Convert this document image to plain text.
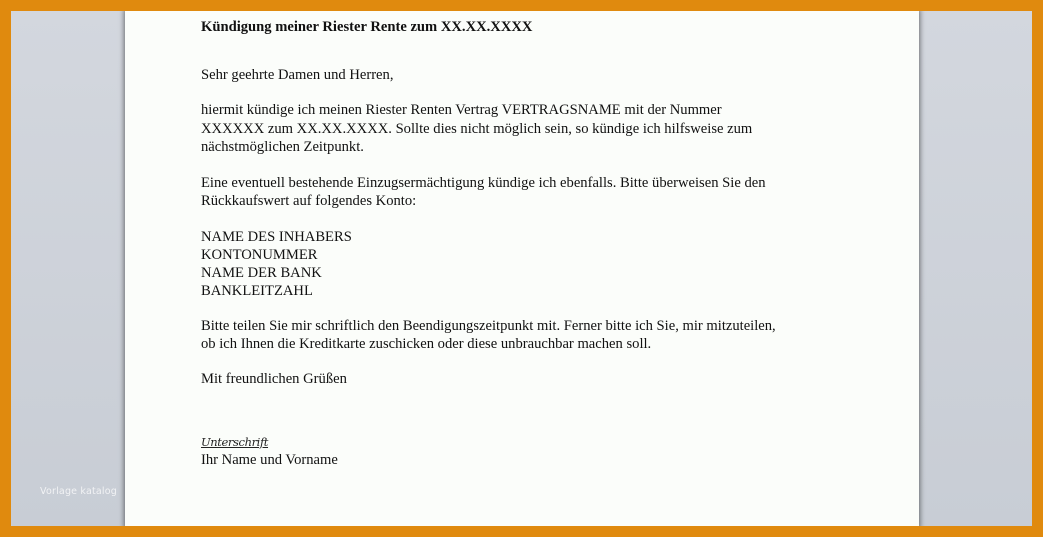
Kündigung meiner Riester Rente zum XX.XX.XXXX
Sehr geehrte Damen und Herren,
hiermit kündige ich meinen Riester Renten Vertrag VERTRAGSNAME mit der Nummer
XXXXXX zum XX.XX.XXXX. Sollte dies nicht möglich sein, so kündige ich hilfsweise zum
nächstmöglichen Zeitpunkt.
Eine eventuell bestehende Einzugsermächtigung kündige ich ebenfalls. Bitte überweisen Sie den
Rückkaufswert auf folgendes Konto:
NAME DES INHABERS
KONTONUMMER
NAME DER BANK
BANKLEITZAHL
Bitte teilen Sie mir schriftlich den Beendigungszeitpunkt mit. Ferner bitte ich Sie, mir mitzuteilen,
ob ich Ihnen die Kreditkarte zuschicken oder diese unbrauchbar machen soll.
Mit freundlichen Grüßen
Unterschrift
Ihr Name und Vorname
Vorlage katalog
